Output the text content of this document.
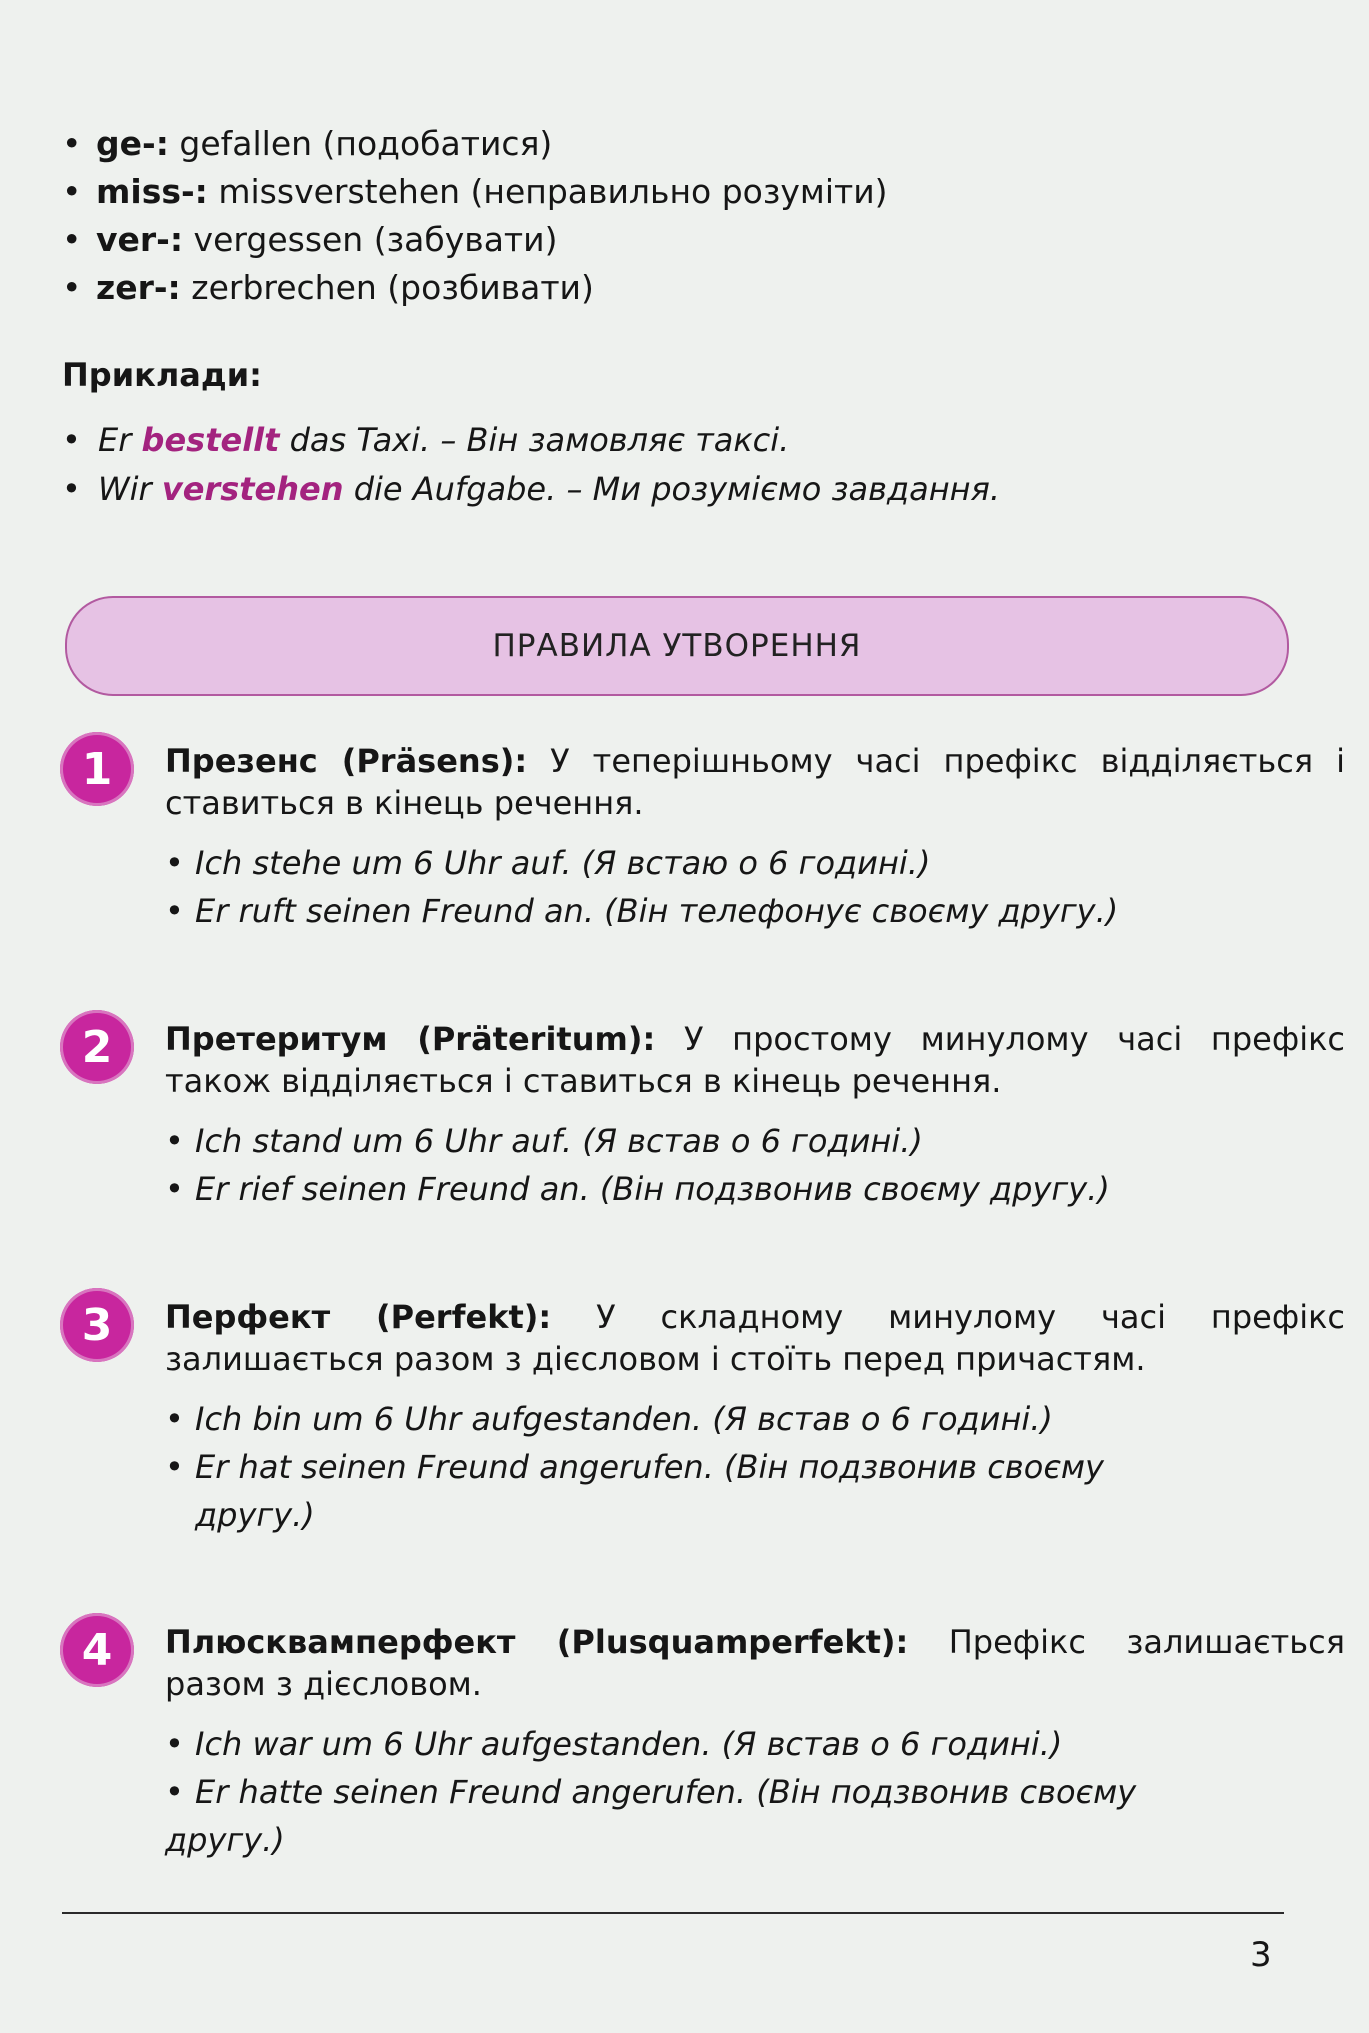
• ge-: gefallen (подобатися)
• miss-: missverstehen (неправильно розуміти)
• ver-: vergessen (забувати)
• zer-: zerbrechen (розбивати)
Приклади:
• Er bestellt das Taxi. – Він замовляє таксі.
• Wir verstehen die Aufgabe. – Ми розуміємо завдання.
ПРАВИЛА УТВОРЕННЯ
1	Презенс (Präsens): У теперішньому часі префікс відділяється і ставиться в кінець речення.
• Ich stehe um 6 Uhr auf. (Я встаю о 6 годині.)
• Er ruft seinen Freund an. (Він телефонує своєму другу.)
2	Претеритум (Präteritum): У простому минулому часі префікс також відділяється і ставиться в кінець речення.
• Ich stand um 6 Uhr auf. (Я встав о 6 годині.)
• Er rief seinen Freund an. (Він подзвонив своєму другу.)
3	Перфект (Perfekt): У складному минулому часі префікс залишається разом з дієсловом і стоїть перед причастям.
• Ich bin um 6 Uhr aufgestanden. (Я встав о 6 годині.)
• Er hat seinen Freund angerufen. (Він подзвонив своєму
другу.)
4	Плюсквамперфект (Plusquamperfekt): Префікс залишається разом з дієсловом.
• Ich war um 6 Uhr aufgestanden. (Я встав о 6 годині.)
• Er hatte seinen Freund angerufen. (Він подзвонив своєму
другу.)
3
